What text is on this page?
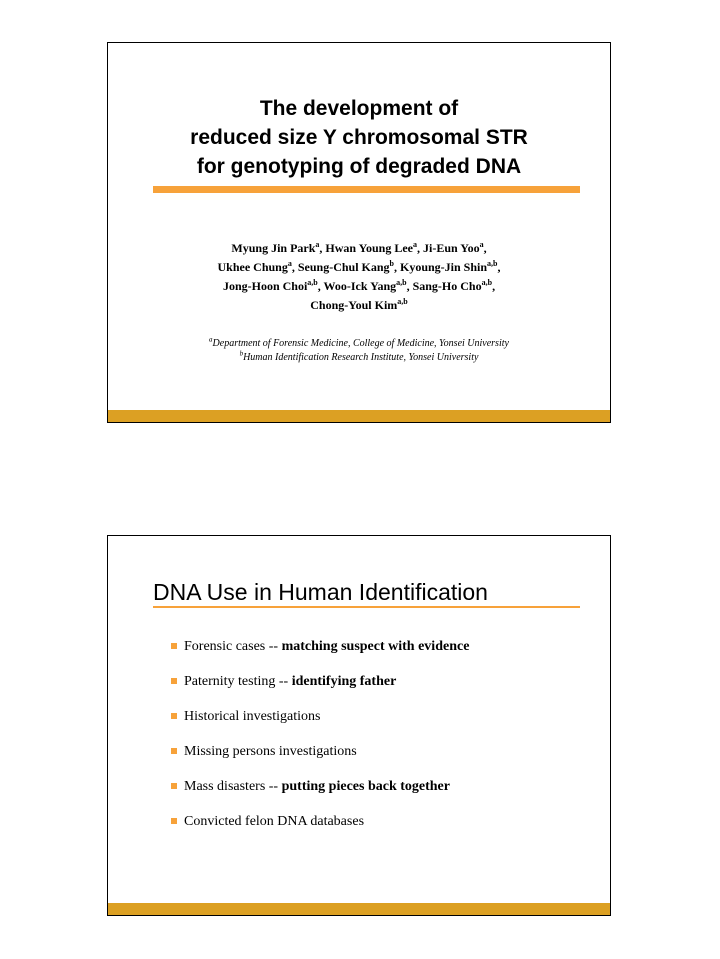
The development of
reduced size Y chromosomal STR
for genotyping of degraded DNA
Myung Jin Park$^a$, Hwan Young Lee$^a$, Ji-Eun Yoo$^a$,
Ukhee Chung$^a$, Seung-Chul Kang$^b$, Kyoung-Jin Shin$^{a,b}$,
Jong-Hoon Choi$^{a,b}$, Woo-Ick Yang$^{a,b}$, Sang-Ho Cho$^{a,b}$,
Chong-Youl Kim$^{a,b}$
$^a$Department of Forensic Medicine, College of Medicine, Yonsei University
$^b$Human Identification Research Institute, Yonsei University
DNA Use in Human Identification
Forensic cases -- matching suspect with evidence
Paternity testing -- identifying father
Historical investigations
Missing persons investigations
Mass disasters -- putting pieces back together
Convicted felon DNA databases
